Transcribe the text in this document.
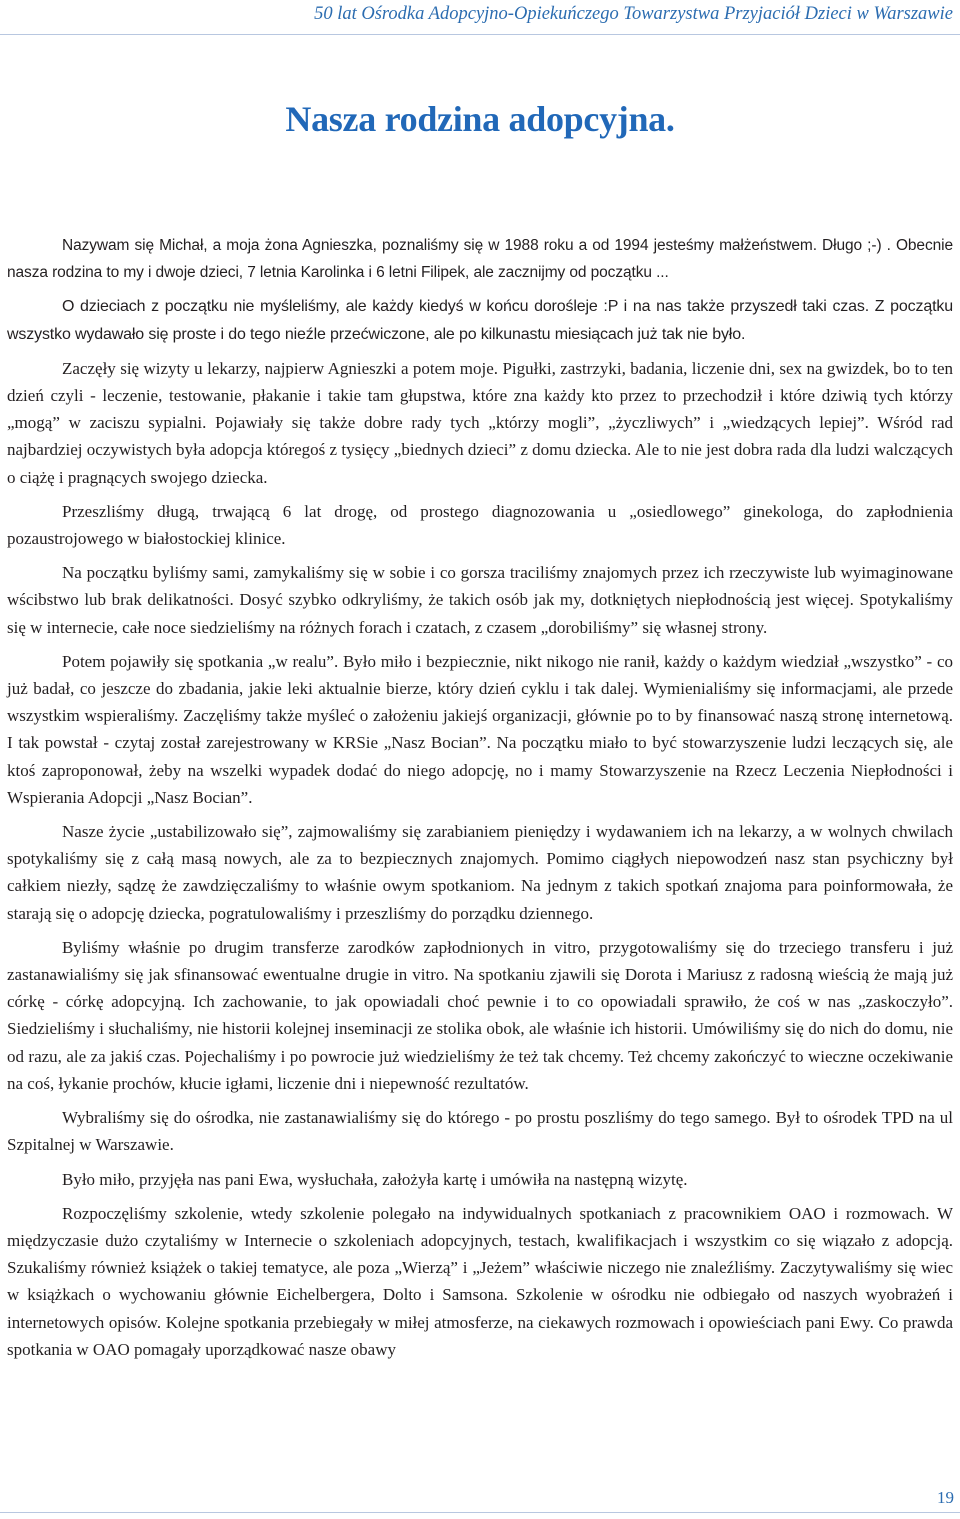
50 lat Ośrodka Adopcyjno-Opiekuńczego Towarzystwa Przyjaciół Dzieci w Warszawie
Nasza rodzina adopcyjna.

Nazywam się Michał, a moja żona Agnieszka, poznaliśmy się w 1988 roku a od 1994 jesteśmy małżeństwem. Długo ;-) . Obecnie nasza rodzina to my i dwoje dzieci, 7 letnia Karolinka i 6 letni Filipek, ale zacznijmy od początku ...

O dzieciach z początku nie myśleliśmy, ale każdy kiedyś w końcu dorośleje :P i na nas także przyszedł taki czas. Z początku wszystko wydawało się proste i do tego nieźle przećwiczone, ale po kilkunastu miesiącach już tak nie było.

Zaczęły się wizyty u lekarzy, najpierw Agnieszki a potem moje. Pigułki, zastrzyki, badania, liczenie dni, sex na gwizdek, bo to ten dzień czyli - leczenie, testowanie, płakanie i takie tam głupstwa, które zna każdy kto przez to przechodził i które dziwią tych którzy „mogą” w zaciszu sypialni. Pojawiały się także dobre rady tych „którzy mogli”, „życzliwych” i „wiedzących lepiej”. Wśród rad najbardziej oczywistych była adopcja któregoś z tysięcy „biednych dzieci” z domu dziecka. Ale to nie jest dobra rada dla ludzi walczących o ciążę i pragnących swojego dziecka.

Przeszliśmy długą, trwającą 6 lat drogę, od prostego diagnozowania u „osiedlowego” ginekologa, do zapłodnienia pozaustrojowego w białostockiej klinice.

Na początku byliśmy sami, zamykaliśmy się w sobie i co gorsza traciliśmy znajomych przez ich rzeczywiste lub wyimaginowane wścibstwo lub brak delikatności. Dosyć szybko odkryliśmy, że takich osób jak my, dotkniętych niepłodnością jest więcej. Spotykaliśmy się w internecie, całe noce siedzieliśmy na różnych forach i czatach, z czasem „dorobiliśmy” się własnej strony.

Potem pojawiły się spotkania „w realu”. Było miło i bezpiecznie, nikt nikogo nie ranił, każdy o każdym wiedział „wszystko” - co już badał, co jeszcze do zbadania, jakie leki aktualnie bierze, który dzień cyklu i tak dalej. Wymienialiśmy się informacjami, ale przede wszystkim wspieraliśmy. Zaczęliśmy także myśleć o założeniu jakiejś organizacji, głównie po to by finansować naszą stronę internetową. I tak powstał - czytaj został zarejestrowany w KRSie „Nasz Bocian”. Na początku miało to być stowarzyszenie ludzi leczących się, ale ktoś zaproponował, żeby na wszelki wypadek dodać do niego adopcję, no i mamy Stowarzyszenie na Rzecz Leczenia Niepłodności i Wspierania Adopcji „Nasz Bocian”.

Nasze życie „ustabilizowało się”, zajmowaliśmy się zarabianiem pieniędzy i wydawaniem ich na lekarzy, a w wolnych chwilach spotykaliśmy się z całą masą nowych, ale za to bezpiecznych znajomych. Pomimo ciągłych niepowodzeń nasz stan psychiczny był całkiem niezły, sądzę że zawdzięczaliśmy to właśnie owym spotkaniom. Na jednym z takich spotkań znajoma para poinformowała, że starają się o adopcję dziecka, pogratulowaliśmy i przeszliśmy do porządku dziennego.

Byliśmy właśnie po drugim transferze zarodków zapłodnionych in vitro, przygotowaliśmy się do trzeciego transferu i już zastanawialiśmy się jak sfinansować ewentualne drugie in vitro. Na spotkaniu zjawili się Dorota i Mariusz z radosną wieścią że mają już córkę - córkę adopcyjną. Ich zachowanie, to jak opowiadali choć pewnie i to co opowiadali sprawiło, że coś w nas „zaskoczyło”. Siedzieliśmy i słuchaliśmy, nie historii kolejnej inseminacji ze stolika obok, ale właśnie ich historii. Umówiliśmy się do nich do domu, nie od razu, ale za jakiś czas. Pojechaliśmy i po powrocie już wiedzieliśmy że też tak chcemy. Też chcemy zakończyć to wieczne oczekiwanie na coś, łykanie prochów, kłucie igłami, liczenie dni i niepewność rezultatów.

Wybraliśmy się do ośrodka, nie zastanawialiśmy się do którego - po prostu poszliśmy do tego samego. Był to ośrodek TPD na ul Szpitalnej w Warszawie.

Było miło, przyjęła nas pani Ewa, wysłuchała, założyła kartę i umówiła na następną wizytę.

Rozpoczęliśmy szkolenie, wtedy szkolenie polegało na indywidualnych spotkaniach z pracownikiem OAO i rozmowach. W międzyczasie dużo czytaliśmy w Internecie o szkoleniach adopcyjnych, testach, kwalifikacjach i wszystkim co się wiązało z adopcją. Szukaliśmy również książek o takiej tematyce, ale poza „Wierzą” i „Jeżem” właściwie niczego nie znaleźliśmy. Zaczytywaliśmy się wiec w książkach o wychowaniu głównie Eichelbergera, Dolto i Samsona. Szkolenie w ośrodku nie odbiegało od naszych wyobrażeń i internetowych opisów. Kolejne spotkania przebiegały w miłej atmosferze, na ciekawych rozmowach i opowieściach pani Ewy. Co prawda spotkania w OAO pomagały uporządkować nasze obawy

19
